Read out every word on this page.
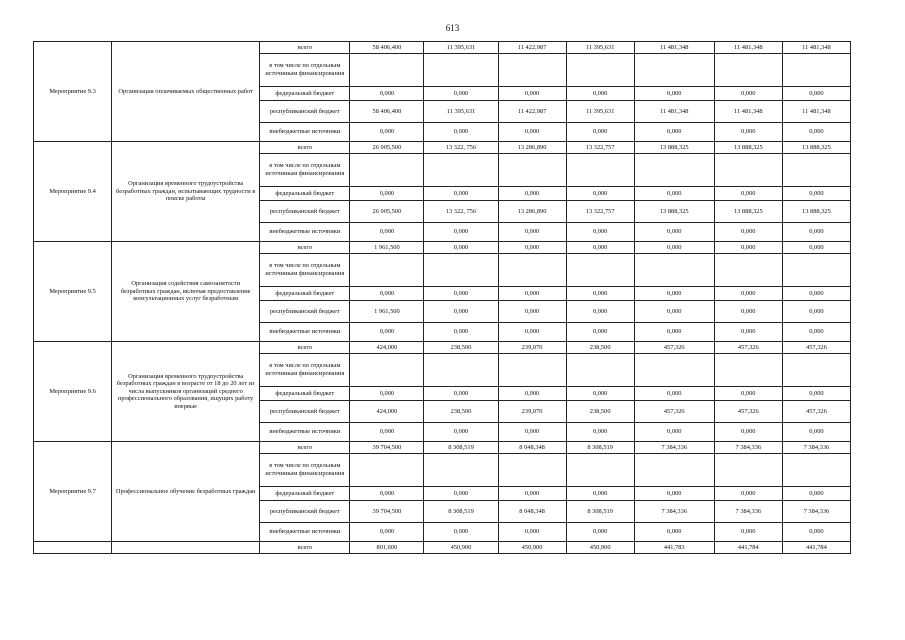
613
Мероприятие 9.3	Организация оплачиваемых общественных работ	всего	58 406,400	11 395,631	11 422,987	11 395,631	11 481,348	11 481,348	11 481,348
		в том числе по отдельным источникам финансирования							
		федеральный бюджет	0,000	0,000	0,000	0,000	0,000	0,000	0,000
		республиканский бюджет	58 406,400	11 395,631	11 422,987	11 395,631	11 481,348	11 481,348	11 481,348
		внебюджетные источники	0,000	0,000	0,000	0,000	0,000	0,000	0,000
Мероприятие 9.4	Организация временного трудоустройства безработных граждан, испытывающих трудности в поиске работы	всего	26 905,500	13 322, 756	13 286,890	13 322,757	13 888,325	13 888,325	13 888,325
		в том числе по отдельным источникам финансирования							
		федеральный бюджет	0,000	0,000	0,000	0,000	0,000	0,000	0,000
		республиканский бюджет	26 905,500	13 322, 756	13 286,890	13 322,757	13 888,325	13 888,325	13 888,325
		внебюджетные источники	0,000	0,000	0,000	0,000	0,000	0,000	0,000
Мероприятие 9.5	Организация содействия самозанятости безработных граждан, включая предоставление консультационных услуг безработным	всего	1 961,500	0,000	0,000	0,000	0,000	0,000	0,000
		в том числе по отдельным источникам финансирования							
		федеральный бюджет	0,000	0,000	0,000	0,000	0,000	0,000	0,000
		республиканский бюджет	1 961,500	0,000	0,000	0,000	0,000	0,000	0,000
		внебюджетные источники	0,000	0,000	0,000	0,000	0,000	0,000	0,000
Мероприятие 9.6	Организация временного трудоустройства безработных граждан в возрасте от 18 до 20 лет из числа выпускников организаций среднего профессионального образования, ищущих работу впервые	всего	424,000	238,500	239,070	238,500	457,326	457,326	457,326
		в том числе по отдельным источникам финансирования							
		федеральный бюджет	0,000	0,000	0,000	0,000	0,000	0,000	0,000
		республиканский бюджет	424,000	238,500	239,070	238,500	457,326	457,326	457,326
		внебюджетные источники	0,000	0,000	0,000	0,000	0,000	0,000	0,000
Мероприятие 9.7	Профессиональное обучение безработных граждан	всего	39 704,500	8 308,519	8 048,348	8 308,519	7 384,336	7 384,336	7 384,336
		в том числе по отдельным источникам финансирования							
		федеральный бюджет	0,000	0,000	0,000	0,000	0,000	0,000	0,000
		республиканский бюджет	39 704,500	8 308,519	8 048,348	8 308,519	7 384,336	7 384,336	7 384,336
		внебюджетные источники	0,000	0,000	0,000	0,000	0,000	0,000	0,000
		всего	801,600	450,900	450,900	450,900	441,783	441,784	441,784
